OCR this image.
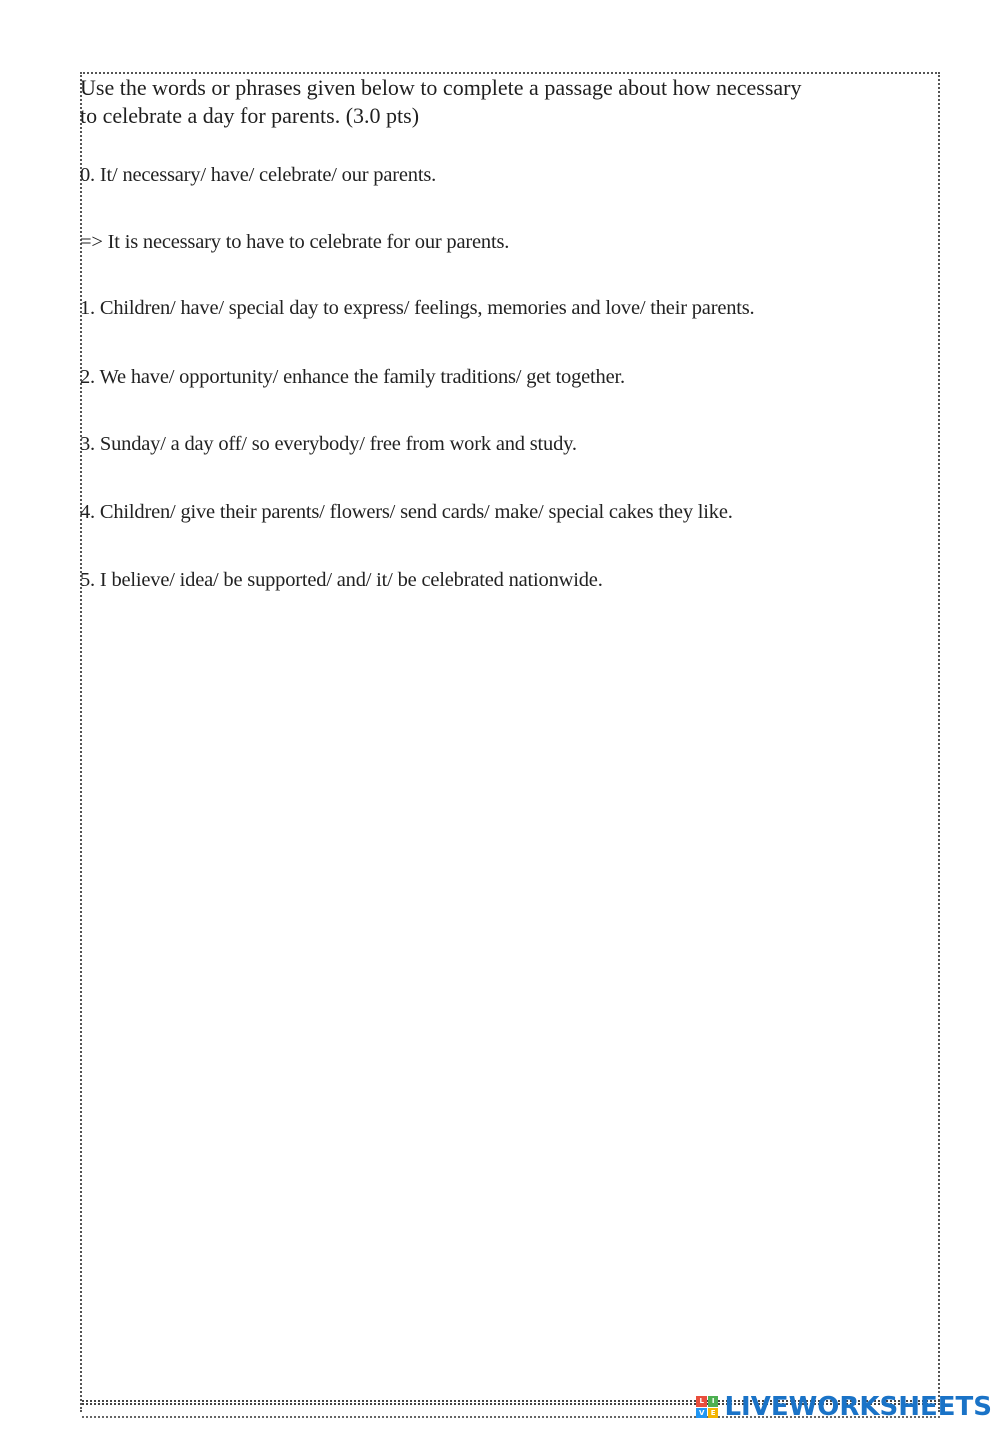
Use the words or phrases given below to complete a passage about how necessary

to celebrate a day for parents. (3.0 pts)

0. It/ necessary/ have/ celebrate/ our parents.

=> It is necessary to have to celebrate for our parents.

1. Children/ have/ special day to express/ feelings, memories and love/ their parents.

2. We have/ opportunity/ enhance the family traditions/ get together.

3. Sunday/ a day off/ so everybody/ free from work and study.

4. Children/ give their parents/ flowers/ send cards/ make/ special cakes they like.

5. I believe/ idea/ be supported/ and/ it/ be celebrated nationwide.

L	I
V E LIVEWORKSHEETS
